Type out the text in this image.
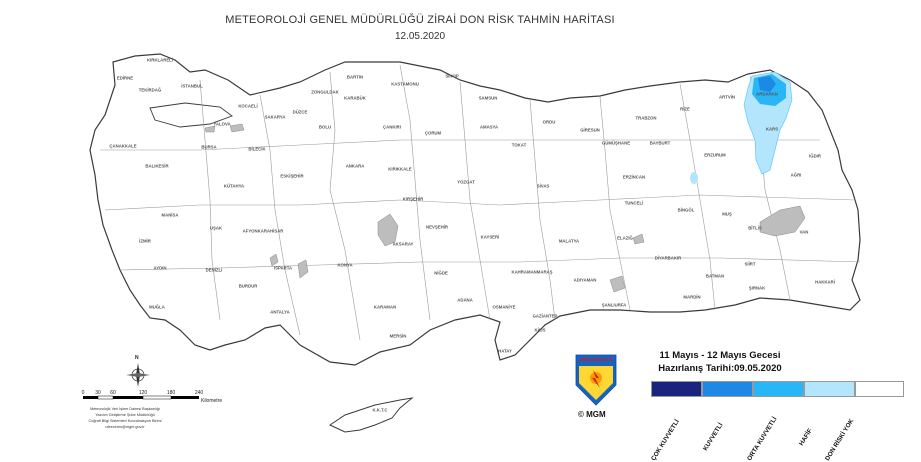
METEOROLOJİ GENEL MÜDÜRLÜĞÜ ZİRAİ DON RİSK TAHMİN HARİTASI
12.05.2020
KIRKLARELİ
EDİRNE
TEKİRDAĞ
İSTANBUL
KOCAELİ
SAKARYA
DÜZCE
BOLU
ZONGULDAK
BARTIN
KARABÜK
KASTAMONU
SİNOP
SAMSUN
ORDU
GİRESUN
TRABZON
RİZE
ARTVİN
ARDAHAN
KARS
IĞDIR
AĞRI
ERZURUM
BAYBURT
GÜMÜŞHANE
ERZİNCAN
TUNCELİ
BİNGÖL
MUŞ
BİTLİS
VAN
HAKKARİ
ŞIRNAK
SİİRT
BATMAN
MARDİN
DİYARBAKIR
ELAZIĞ
MALATYA
ADIYAMAN
ŞANLIURFA
GAZİANTEP
KİLİS
HATAY
OSMANİYE
ADANA
MERSİN
KARAMAN
ANTALYA
BURDUR
ISPARTA
DENİZLİ
AYDIN
MUĞLA
İZMİR
MANİSA
BALIKESİR
ÇANAKKALE	BURSA	BİLECİK
ESKİŞEHİR
KÜTAHYA
UŞAK
AFYONKARAHİSAR
KONYA
AKSARAY
NİĞDE
NEVŞEHİR
KIRŞEHİR
KIRIKKALE
ANKARA
ÇANKIRI
ÇORUM
AMASYA
TOKAT
SİVAS
YOZGAT
KAYSERİ
KAHRAMANMARAŞ
YALOVA
METEOROLOJİ
© MGM
11 Mayıs - 12 Mayıs Gecesi
Hazırlanış Tarihi:09.05.2020
ÇOK KUVVETLİ	KUVVETLİ	ORTA KUVVETLİ	HAFİF DON RİSKİ YOK
N
0 30 60	120	180	240
Kilometre
Meteorolojik Veri İşlem Dairesi Başkanlığı
Yazılım Geliştirme Şube Müdürlüğü
Coğrafi Bilgi Sistemleri Koordinasyon Birimi
ufeeceres@mgm.gov.tr
K.K.T.C
